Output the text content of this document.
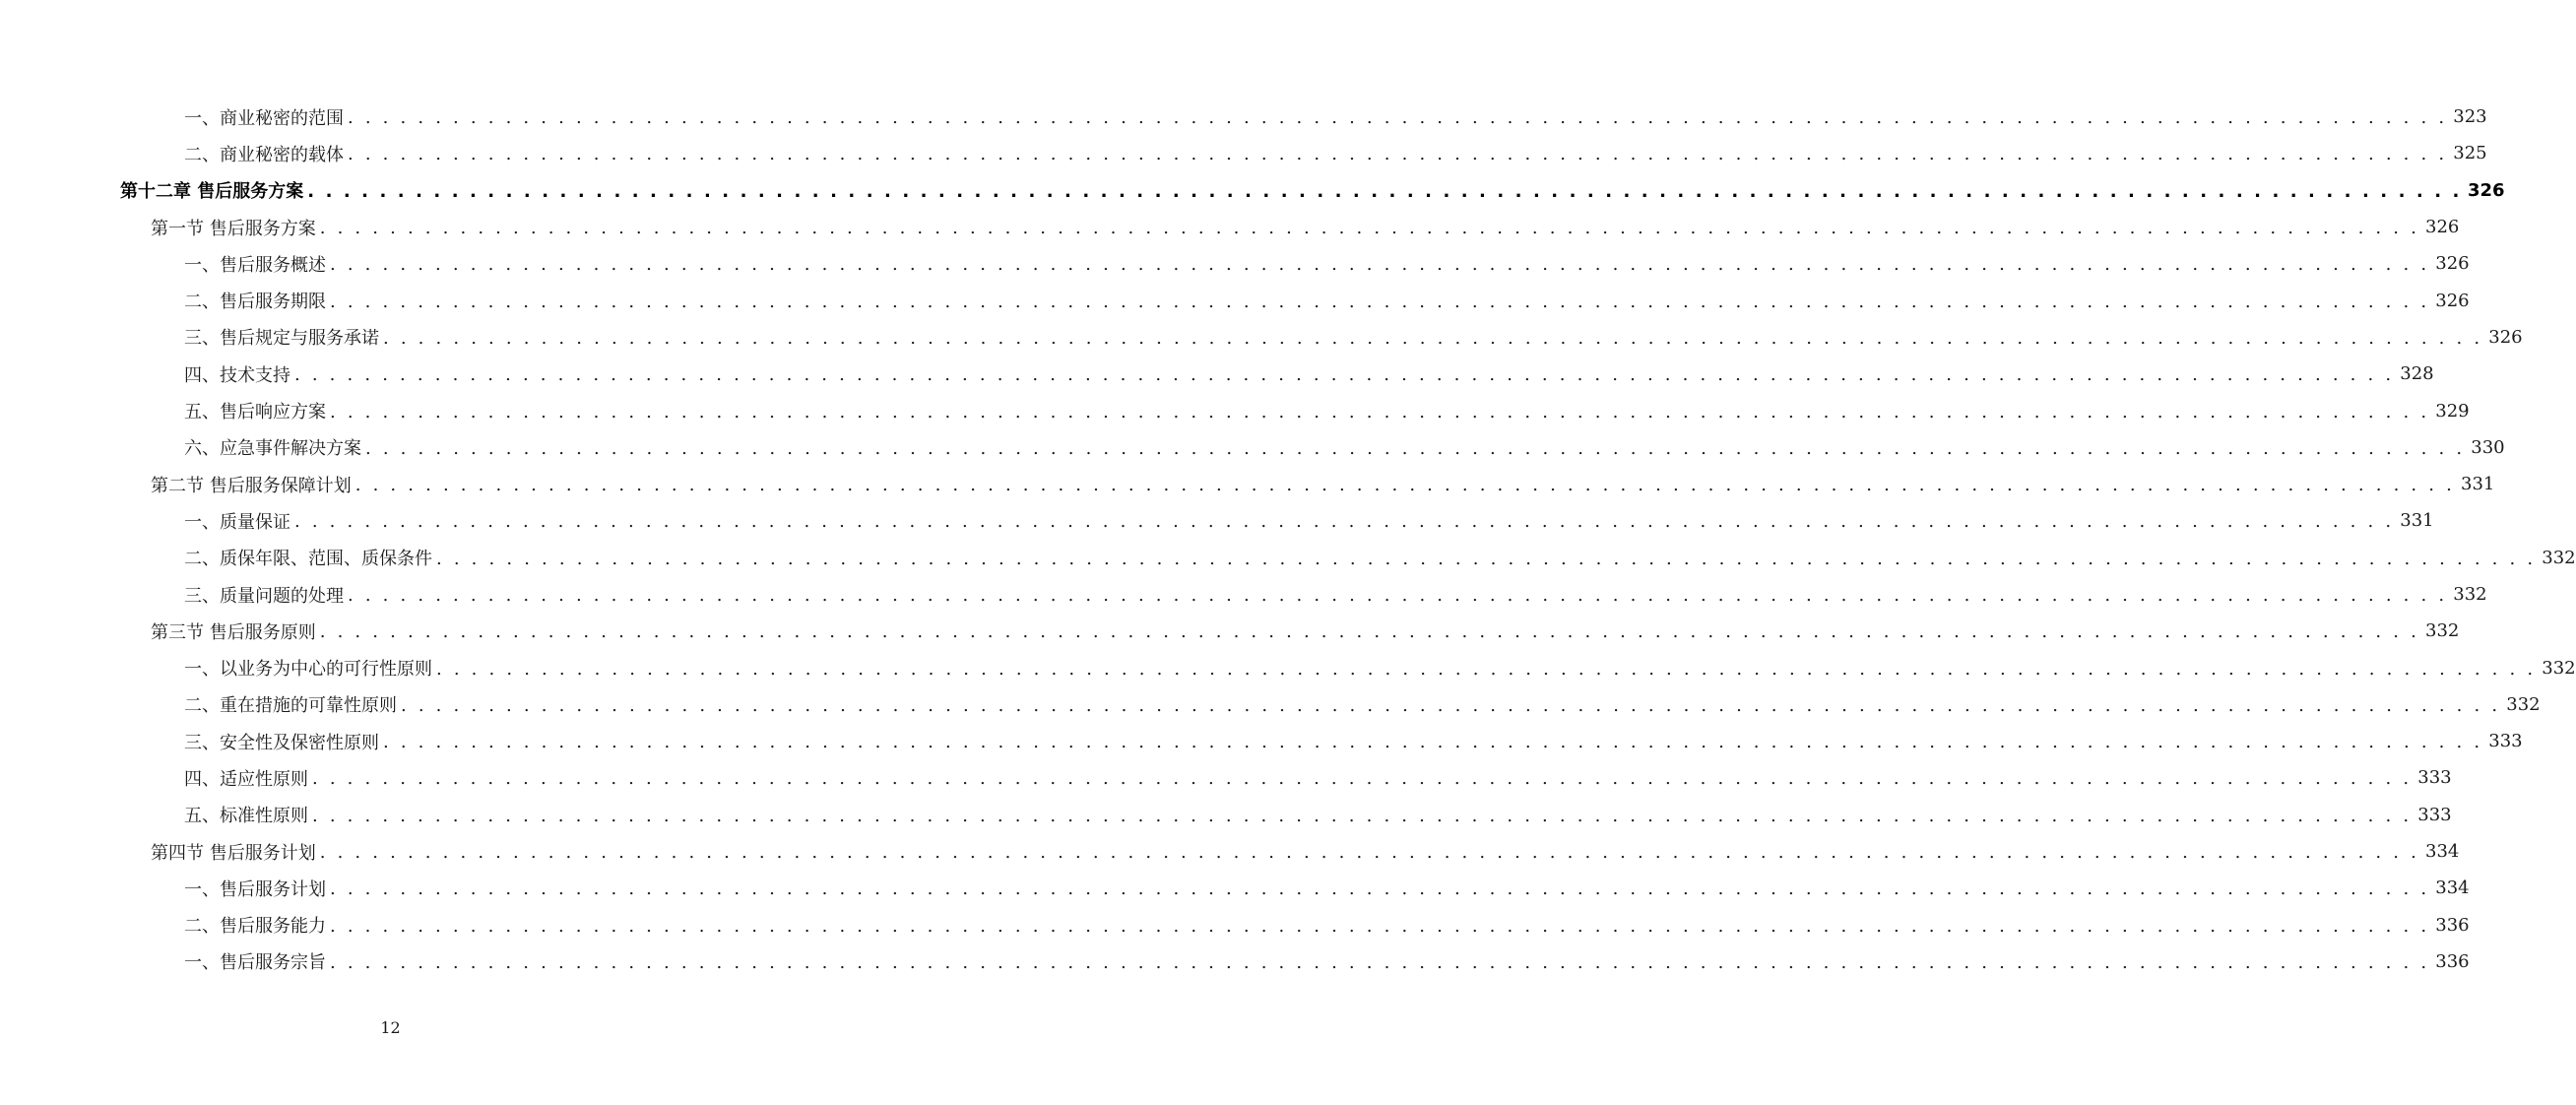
一、商业秘密的范围 . . . . . . . . . . . . . . . . . . . . . . . . . . . . . . . . . . . . . . . . . . . . . . . . . . . . . . . . . . . . . . . . . . . . . . . . . . . . . . . . . . . . . . . . . . . . . . . . . . . . . . . . . . . . . . . . . . . . . . . . 323
二、商业秘密的载体 . . . . . . . . . . . . . . . . . . . . . . . . . . . . . . . . . . . . . . . . . . . . . . . . . . . . . . . . . . . . . . . . . . . . . . . . . . . . . . . . . . . . . . . . . . . . . . . . . . . . . . . . . . . . . . . . . . . . . . . . 325
第十二章 售后服务方案 . . . . . . . . . . . . . . . . . . . . . . . . . . . . . . . . . . . . . . . . . . . . . . . . . . . . . . . . . . . . . . . . . . . . . . . . . . . . . . . . . . . . . . . . . . . . . . . . . . . . . . . . . . . . . . . . . . . . . . . . 326
第一节 售后服务方案 . . . . . . . . . . . . . . . . . . . . . . . . . . . . . . . . . . . . . . . . . . . . . . . . . . . . . . . . . . . . . . . . . . . . . . . . . . . . . . . . . . . . . . . . . . . . . . . . . . . . . . . . . . . . . . . . . . . . . . . . 326
一、售后服务概述 . . . . . . . . . . . . . . . . . . . . . . . . . . . . . . . . . . . . . . . . . . . . . . . . . . . . . . . . . . . . . . . . . . . . . . . . . . . . . . . . . . . . . . . . . . . . . . . . . . . . . . . . . . . . . . . . . . . . . . . . 326
二、售后服务期限 . . . . . . . . . . . . . . . . . . . . . . . . . . . . . . . . . . . . . . . . . . . . . . . . . . . . . . . . . . . . . . . . . . . . . . . . . . . . . . . . . . . . . . . . . . . . . . . . . . . . . . . . . . . . . . . . . . . . . . . . 326
三、售后规定与服务承诺 . . . . . . . . . . . . . . . . . . . . . . . . . . . . . . . . . . . . . . . . . . . . . . . . . . . . . . . . . . . . . . . . . . . . . . . . . . . . . . . . . . . . . . . . . . . . . . . . . . . . . . . . . . . . . . . . . . . . . . . . 326
四、技术支持 . . . . . . . . . . . . . . . . . . . . . . . . . . . . . . . . . . . . . . . . . . . . . . . . . . . . . . . . . . . . . . . . . . . . . . . . . . . . . . . . . . . . . . . . . . . . . . . . . . . . . . . . . . . . . . . . . . . . . . . . 328
五、售后响应方案 . . . . . . . . . . . . . . . . . . . . . . . . . . . . . . . . . . . . . . . . . . . . . . . . . . . . . . . . . . . . . . . . . . . . . . . . . . . . . . . . . . . . . . . . . . . . . . . . . . . . . . . . . . . . . . . . . . . . . . . . 329
六、应急事件解决方案 . . . . . . . . . . . . . . . . . . . . . . . . . . . . . . . . . . . . . . . . . . . . . . . . . . . . . . . . . . . . . . . . . . . . . . . . . . . . . . . . . . . . . . . . . . . . . . . . . . . . . . . . . . . . . . . . . . . . . . . . 330
第二节 售后服务保障计划 . . . . . . . . . . . . . . . . . . . . . . . . . . . . . . . . . . . . . . . . . . . . . . . . . . . . . . . . . . . . . . . . . . . . . . . . . . . . . . . . . . . . . . . . . . . . . . . . . . . . . . . . . . . . . . . . . . . . . . . . 331
一、质量保证 . . . . . . . . . . . . . . . . . . . . . . . . . . . . . . . . . . . . . . . . . . . . . . . . . . . . . . . . . . . . . . . . . . . . . . . . . . . . . . . . . . . . . . . . . . . . . . . . . . . . . . . . . . . . . . . . . . . . . . . . 331
二、质保年限、范围、质保条件 . . . . . . . . . . . . . . . . . . . . . . . . . . . . . . . . . . . . . . . . . . . . . . . . . . . . . . . . . . . . . . . . . . . . . . . . . . . . . . . . . . . . . . . . . . . . . . . . . . . . . . . . . . . . . . . . . . . . . . . . 332
三、质量问题的处理 . . . . . . . . . . . . . . . . . . . . . . . . . . . . . . . . . . . . . . . . . . . . . . . . . . . . . . . . . . . . . . . . . . . . . . . . . . . . . . . . . . . . . . . . . . . . . . . . . . . . . . . . . . . . . . . . . . . . . . . . 332
第三节 售后服务原则 . . . . . . . . . . . . . . . . . . . . . . . . . . . . . . . . . . . . . . . . . . . . . . . . . . . . . . . . . . . . . . . . . . . . . . . . . . . . . . . . . . . . . . . . . . . . . . . . . . . . . . . . . . . . . . . . . . . . . . . . 332
一、以业务为中心的可行性原则 . . . . . . . . . . . . . . . . . . . . . . . . . . . . . . . . . . . . . . . . . . . . . . . . . . . . . . . . . . . . . . . . . . . . . . . . . . . . . . . . . . . . . . . . . . . . . . . . . . . . . . . . . . . . . . . . . . . . . . . . 332
二、重在措施的可靠性原则 . . . . . . . . . . . . . . . . . . . . . . . . . . . . . . . . . . . . . . . . . . . . . . . . . . . . . . . . . . . . . . . . . . . . . . . . . . . . . . . . . . . . . . . . . . . . . . . . . . . . . . . . . . . . . . . . . . . . . . . . 332
三、安全性及保密性原则 . . . . . . . . . . . . . . . . . . . . . . . . . . . . . . . . . . . . . . . . . . . . . . . . . . . . . . . . . . . . . . . . . . . . . . . . . . . . . . . . . . . . . . . . . . . . . . . . . . . . . . . . . . . . . . . . . . . . . . . . 333
四、适应性原则 . . . . . . . . . . . . . . . . . . . . . . . . . . . . . . . . . . . . . . . . . . . . . . . . . . . . . . . . . . . . . . . . . . . . . . . . . . . . . . . . . . . . . . . . . . . . . . . . . . . . . . . . . . . . . . . . . . . . . . . . 333
五、标准性原则 . . . . . . . . . . . . . . . . . . . . . . . . . . . . . . . . . . . . . . . . . . . . . . . . . . . . . . . . . . . . . . . . . . . . . . . . . . . . . . . . . . . . . . . . . . . . . . . . . . . . . . . . . . . . . . . . . . . . . . . . 333
第四节 售后服务计划 . . . . . . . . . . . . . . . . . . . . . . . . . . . . . . . . . . . . . . . . . . . . . . . . . . . . . . . . . . . . . . . . . . . . . . . . . . . . . . . . . . . . . . . . . . . . . . . . . . . . . . . . . . . . . . . . . . . . . . . . 334
一、售后服务计划 . . . . . . . . . . . . . . . . . . . . . . . . . . . . . . . . . . . . . . . . . . . . . . . . . . . . . . . . . . . . . . . . . . . . . . . . . . . . . . . . . . . . . . . . . . . . . . . . . . . . . . . . . . . . . . . . . . . . . . . . 334
二、售后服务能力 . . . . . . . . . . . . . . . . . . . . . . . . . . . . . . . . . . . . . . . . . . . . . . . . . . . . . . . . . . . . . . . . . . . . . . . . . . . . . . . . . . . . . . . . . . . . . . . . . . . . . . . . . . . . . . . . . . . . . . . . 336
一、售后服务宗旨 . . . . . . . . . . . . . . . . . . . . . . . . . . . . . . . . . . . . . . . . . . . . . . . . . . . . . . . . . . . . . . . . . . . . . . . . . . . . . . . . . . . . . . . . . . . . . . . . . . . . . . . . . . . . . . . . . . . . . . . . 336
12
